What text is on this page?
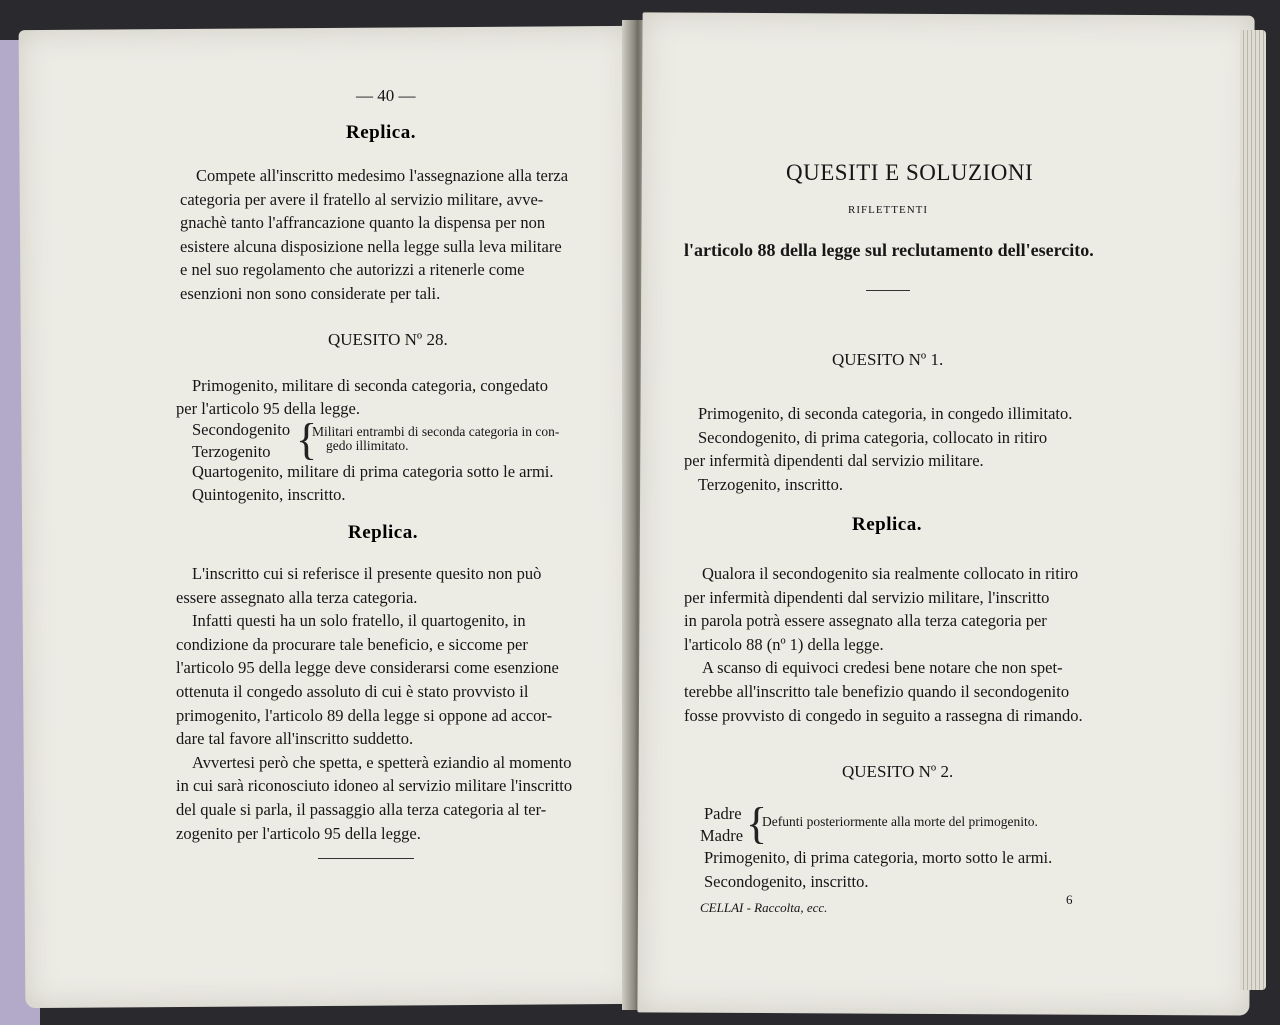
— 40 —
Replica.

Compete all'inscritto medesimo l'assegnazione alla terza

categoria per avere il fratello al servizio militare, avve-

gnachè tanto l'affrancazione quanto la dispensa per non

esistere alcuna disposizione nella legge sulla leva militare

e nel suo regolamento che autorizzi a ritenerle come

esenzioni non sono considerate per tali.

QUESITO Nº 28.

Primogenito, militare di seconda categoria, congedato

per l'articolo 95 della legge.

Secondogenito
Terzogenito {
Militari entrambi di seconda categoria in con-
gedo illimitato.

Quartogenito, militare di prima categoria sotto le armi.

Quintogenito, inscritto.

Replica.

L'inscritto cui si referisce il presente quesito non può

essere assegnato alla terza categoria.

Infatti questi ha un solo fratello, il quartogenito, in

condizione da procurare tale beneficio, e siccome per

l'articolo 95 della legge deve considerarsi come esenzione

ottenuta il congedo assoluto di cui è stato provvisto il

primogenito, l'articolo 89 della legge si oppone ad accor-

dare tal favore all'inscritto suddetto.

Avvertesi però che spetta, e spetterà eziandio al momento

in cui sarà riconosciuto idoneo al servizio militare l'inscritto

del quale si parla, il passaggio alla terza categoria al ter-

zogenito per l'articolo 95 della legge.

QUESITI E SOLUZIONI
RIFLETTENTI
l'articolo 88 della legge sul reclutamento dell'esercito.
QUESITO Nº 1.

Primogenito, di seconda categoria, in congedo illimitato.

Secondogenito, di prima categoria, collocato in ritiro

per infermità dipendenti dal servizio militare.

Terzogenito, inscritto.

Replica.

Qualora il secondogenito sia realmente collocato in ritiro

per infermità dipendenti dal servizio militare, l'inscritto

in parola potrà essere assegnato alla terza categoria per

l'articolo 88 (nº 1) della legge.

A scanso di equivoci credesi bene notare che non spet-

terebbe all'inscritto tale benefizio quando il secondogenito

fosse provvisto di congedo in seguito a rassegna di rimando.

QUESITO Nº 2.
Padre
Madre {
Defunti posteriormente alla morte del primogenito.

Primogenito, di prima categoria, morto sotto le armi.

Secondogenito, inscritto.

CELLAI - Raccolta, ecc.
6
